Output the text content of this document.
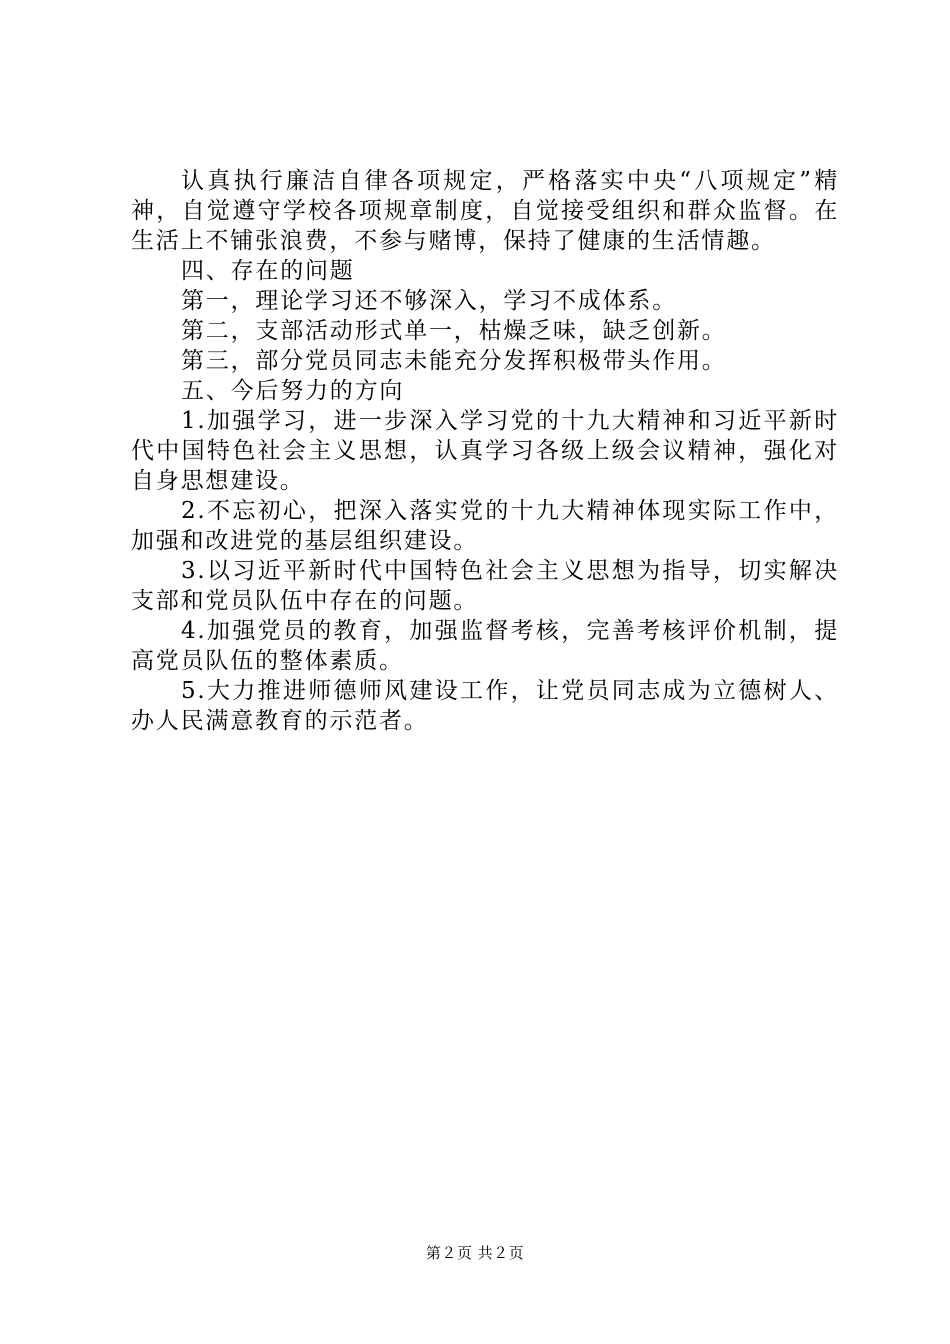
认真执行廉洁自律各项规定，严格落实中央“八项规定”精神，自觉遵守学校各项规章制度，自觉接受组织和群众监督。在生活上不铺张浪费，不参与赌博，保持了健康的生活情趣。

四、存在的问题

第一，理论学习还不够深入，学习不成体系。

第二，支部活动形式单一，枯燥乏味，缺乏创新。

第三，部分党员同志未能充分发挥积极带头作用。

五、今后努力的方向

1.加强学习，进一步深入学习党的十九大精神和习近平新时代中国特色社会主义思想，认真学习各级上级会议精神，强化对自身思想建设。

2.不忘初心，把深入落实党的十九大精神体现实际工作中，加强和改进党的基层组织建设。

3.以习近平新时代中国特色社会主义思想为指导，切实解决支部和党员队伍中存在的问题。

4.加强党员的教育，加强监督考核，完善考核评价机制，提高党员队伍的整体素质。

5.大力推进师德师风建设工作，让党员同志成为立德树人、办人民满意教育的示范者。

第２页 共２页
